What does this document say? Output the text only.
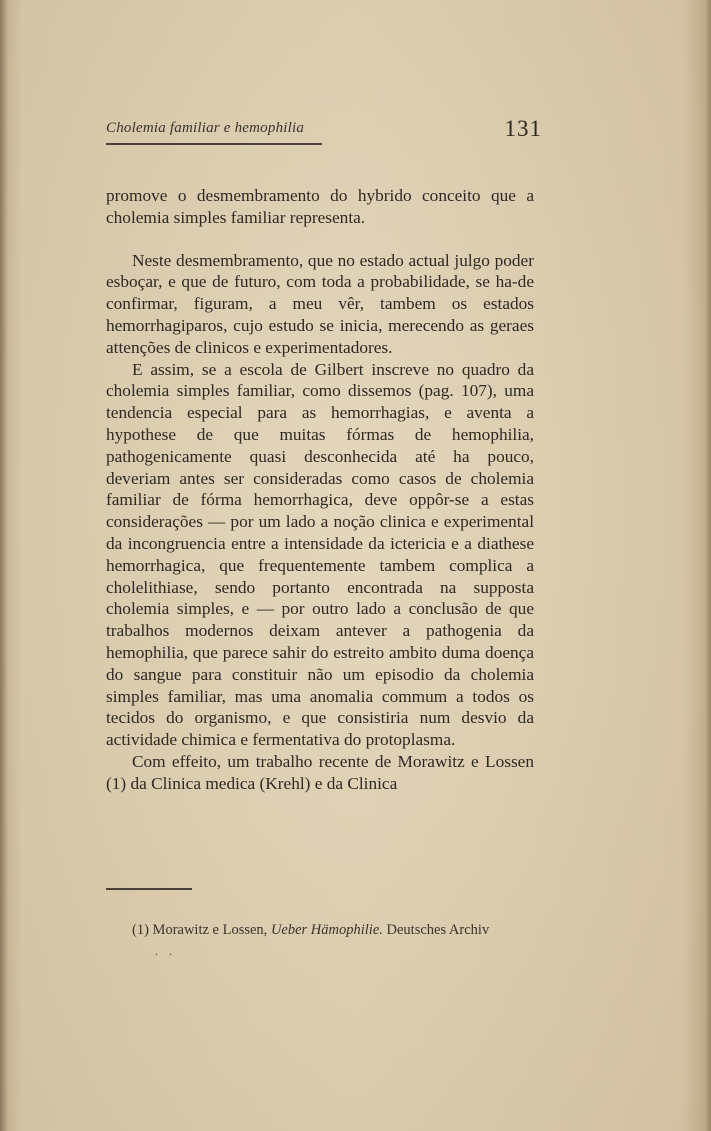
Cholemia familiar e hemophilia	131

promove o desmembramento do hybrido conceito que a cholemia simples familiar representa.

Neste desmembramento, que no estado actual julgo poder esboçar, e que de futuro, com toda a probabilidade, se ha-de confirmar, figuram, a meu vêr, tambem os estados hemorrhagiparos, cujo estudo se inicia, merecendo as geraes attenções de clinicos e experimentadores.

E assim, se a escola de Gilbert inscreve no quadro da cholemia simples familiar, como dissemos (pag. 107), uma tendencia especial para as hemorrhagias, e aventa a hypothese de que muitas fórmas de hemophilia, pathogenicamente quasi desconhecida até ha pouco, deveriam antes ser consideradas como casos de cholemia familiar de fórma hemorrhagica, deve oppôr-se a estas considerações — por um lado a noção clinica e experimental da incongruencia entre a intensidade da ictericia e a diathese hemorrhagica, que frequentemente tambem complica a cholelithiase, sendo portanto encontrada na supposta cholemia simples, e — por outro lado a conclusão de que trabalhos modernos deixam antever a pathogenia da hemophilia, que parece sahir do estreito ambito duma doença do sangue para constituir não um episodio da cholemia simples familiar, mas uma anomalia commum a todos os tecidos do organismo, e que consistiria num desvio da actividade chimica e fermentativa do protoplasma.

Com effeito, um trabalho recente de Morawitz e Lossen (1) da Clinica medica (Krehl) e da Clinica

(1) Morawitz e Lossen, Ueber Hämophilie. Deutsches Archiv
. .
